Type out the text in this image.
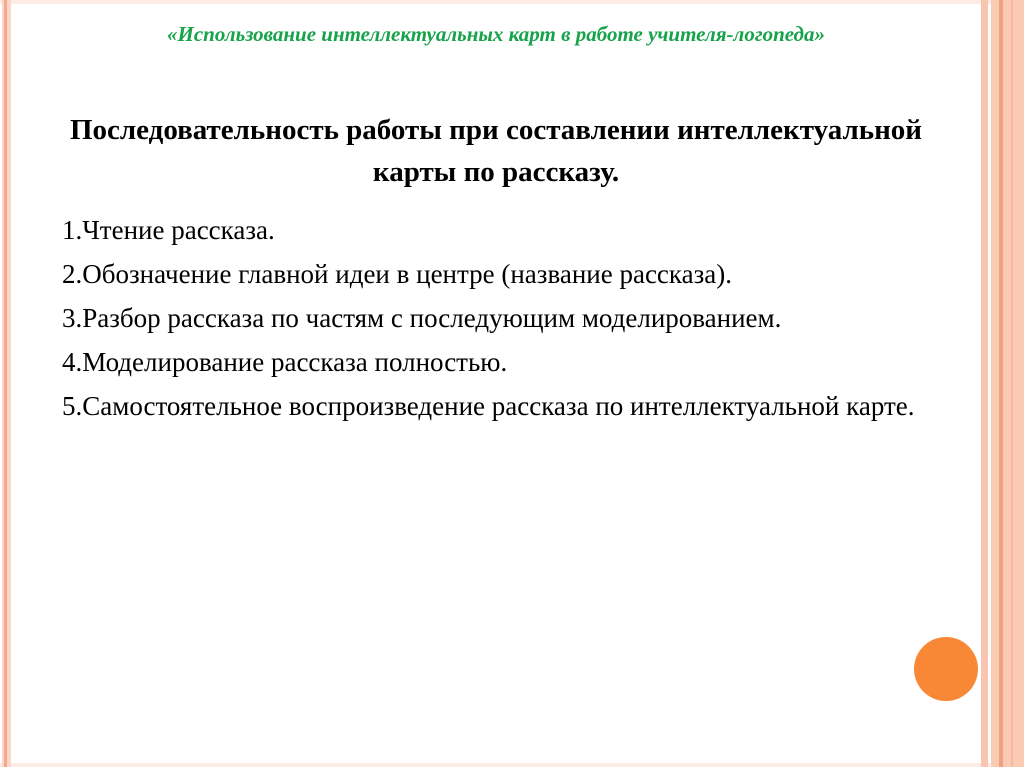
«Использование интеллектуальных карт в работе учителя-логопеда»
Последовательность работы при составлении интеллектуальной
карты по рассказу.
1.Чтение рассказа.
2.Обозначение главной идеи в центре (название рассказа).
3.Разбор рассказа по частям с последующим моделированием.
4.Моделирование рассказа полностью.
5.Самостоятельное воспроизведение рассказа по интеллектуальной карте.
